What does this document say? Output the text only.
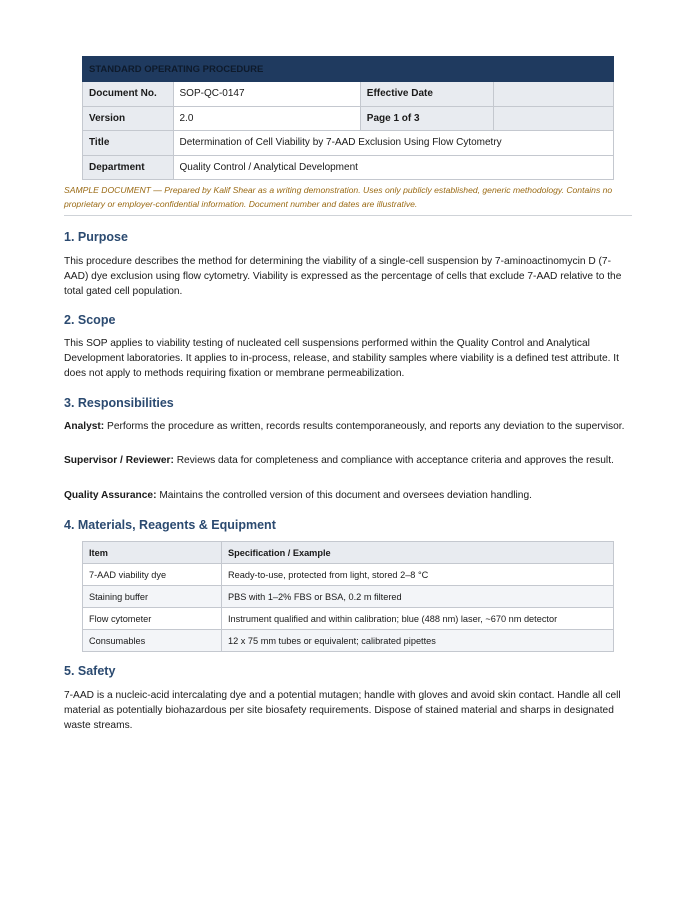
STANDARD OPERATING PROCEDURE			
Document No.	SOP-QC-0147	Effective Date	
Version	2.0	Page 1 of 3	
Title	Determination of Cell Viability by 7-AAD Exclusion Using Flow Cytometry		
Department	Quality Control / Analytical Development		
SAMPLE DOCUMENT — Prepared by Kalif Shear as a writing demonstration. Uses only publicly established, generic methodology. Contains no proprietary or employer-confidential information. Document number and dates are illustrative.
1. Purpose

This procedure describes the method for determining the viability of a single-cell suspension by 7-aminoactinomycin D (7-AAD) dye exclusion using flow cytometry. Viability is expressed as the percentage of cells that exclude 7-AAD relative to the total gated cell population.

2. Scope

This SOP applies to viability testing of nucleated cell suspensions performed within the Quality Control and Analytical Development laboratories. It applies to in-process, release, and stability samples where viability is a defined test attribute. It does not apply to methods requiring fixation or membrane permeabilization.

3. Responsibilities

Analyst: Performs the procedure as written, records results contemporaneously, and reports any deviation to the supervisor.

Supervisor / Reviewer: Reviews data for completeness and compliance with acceptance criteria and approves the result.

Quality Assurance: Maintains the controlled version of this document and oversees deviation handling.

4. Materials, Reagents & Equipment
Item	Specification / Example
7-AAD viability dye	Ready-to-use, protected from light, stored 2–8 °C
Staining buffer	PBS with 1–2% FBS or BSA, 0.2 m filtered
Flow cytometer	Instrument qualified and within calibration; blue (488 nm) laser, ~670 nm detector
Consumables	12 x 75 mm tubes or equivalent; calibrated pipettes
5. Safety

7-AAD is a nucleic-acid intercalating dye and a potential mutagen; handle with gloves and avoid skin contact. Handle all cell material as potentially biohazardous per site biosafety requirements. Dispose of stained material and sharps in designated waste streams.
